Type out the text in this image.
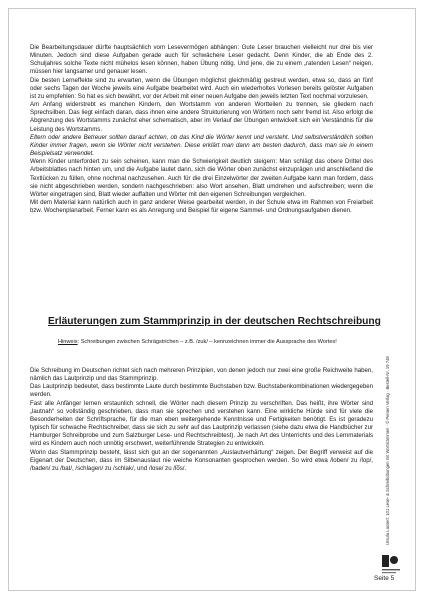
Die Bearbeitungsdauer dürfte hauptsächlich vom Lesevermögen abhängen: Gute Leser brauchen vielleicht nur drei bis vier Minuten. Jedoch sind diese Aufgaben gerade auch für schwächere Leser gedacht. Denn Kinder, die ab Ende des 2. Schuljahres solche Texte nicht mühelos lesen können, haben Übung nötig. Und jene, die zu einem „ratenden Lesen“ neigen, müssen hier langsamer und genauer lesen.

Die besten Lerneffekte sind zu erwarten, wenn die Übungen möglichst gleichmäßig gestreut werden, etwa so, dass an fünf oder sechs Tagen der Woche jeweils eine Aufgabe bearbeitet wird. Auch ein wiederholtes Vorlesen bereits gelöster Aufgaben ist zu empfehlen: So hat es sich bewährt, vor der Arbeit mit einer neuen Aufgabe den jeweils letzten Text nochmal vorzulesen.

Am Anfang widerstrebt es manchen Kindern, den Wortstamm von anderen Wortteilen zu trennen, sie gliedern nach Sprechsilben. Das liegt einfach daran, dass ihnen eine andere Strukturierung von Wörtern noch sehr fremd ist. Also erfolgt die Abgrenzung des Wortstamms zunächst eher schematisch, aber im Verlauf der Übungen entwickelt sich ein Verständnis für die Leistung des Wortstamms.

Eltern oder andere Betreuer sollten darauf achten, ob das Kind die Wörter kennt und versteht. Und selbstverständlich sollten Kinder immer fragen, wenn sie Wörter nicht verstehen. Diese erklärt man dann am besten dadurch, dass man sie in einem Beispielsatz verwendet.

Wenn Kinder unterfordert zu sein scheinen, kann man die Schwierigkeit deutlich steigern: Man schlägt das obere Drittel des Arbeitsblattes nach hinten um, und die Aufgabe lautet dann, sich die Wörter oben zunächst einzuprägen und anschließend die Textlücken zu füllen, ohne nochmal nachzusehen. Auch für die drei Einzelwörter der zweiten Aufgabe kann man fordern, dass sie nicht abgeschrieben werden, sondern nachgeschrieben: also Wort ansehen, Blatt umdrehen und aufschreiben; wenn die Wörter eingetragen sind, Blatt wieder auffalten und Wörter mit den eigenen Schreibungen vergleichen.

Mit dem Material kann natürlich auch in ganz anderer Weise gearbeitet werden, in der Schule etwa im Rahmen von Freiarbeit bzw. Wochenplanarbeit. Ferner kann es als Anregung und Beispiel für eigene Sammel- und Ordnungsaufgaben dienen.

Erläuterungen zum Stammprinzip in der deutschen Rechtschreibung
Hinweis: Schreibungen zwischen Schrägstrichen – z.B. /zuk/ – kennzeichnen immer die Aussprache des Wortes!

Die Schreibung im Deutschen richtet sich nach mehreren Prinzipien, von denen jedoch nur zwei eine große Reichweite haben, nämlich das Lautprinzip und das Stammprinzip.

Das Lautprinzip bedeutet, dass bestimmte Laute durch bestimmte Buchstaben bzw. Buchstabenkombinationen wiedergegeben werden.

Fast alle Anfänger lernen erstaunlich schnell, die Wörter nach diesem Prinzip zu verschriften. Das heißt, ihre Wörter sind „lautnah“ so vollständig geschrieben, dass man sie sprechen und verstehen kann. Eine wirkliche Hürde sind für viele die Besonderheiten der Schriftsprache, für die man eben weitergehende Kenntnisse und Fertigkeiten benötigt. Es ist geradezu typisch für schwache Rechtschreiber, dass sie sich zu sehr auf das Lautprinzip verlassen (siehe dazu etwa die Handbücher zur Hamburger Schreibprobe und zum Salzburger Lese- und Rechtschreibtest). Je nach Art des Unterrichts und des Lernmaterials wird es Kindern auch noch unnötig erschwert, weiterführende Strategien zu entwickeln.

Worin das Stammprinzip besteht, lässt sich gut an der sogenannten „Auslautverhärtung“ zeigen. Der Begriff verweist auf die Eigenart der Deutschen, dass im Silbenauslaut nie weiche Konsonanten gesprochen werden. So wird etwa /loben/ zu /lop/, /baden/ zu /bat/, /schlagen/ zu /schlak/, und /lose/ zu /lo̅s/.	Ursula Lassert: 101 Lese- & Schreibübungen mit Wortstämmen · © Persen Verlag · Bestell-Nr. 19 748
Seite 5
